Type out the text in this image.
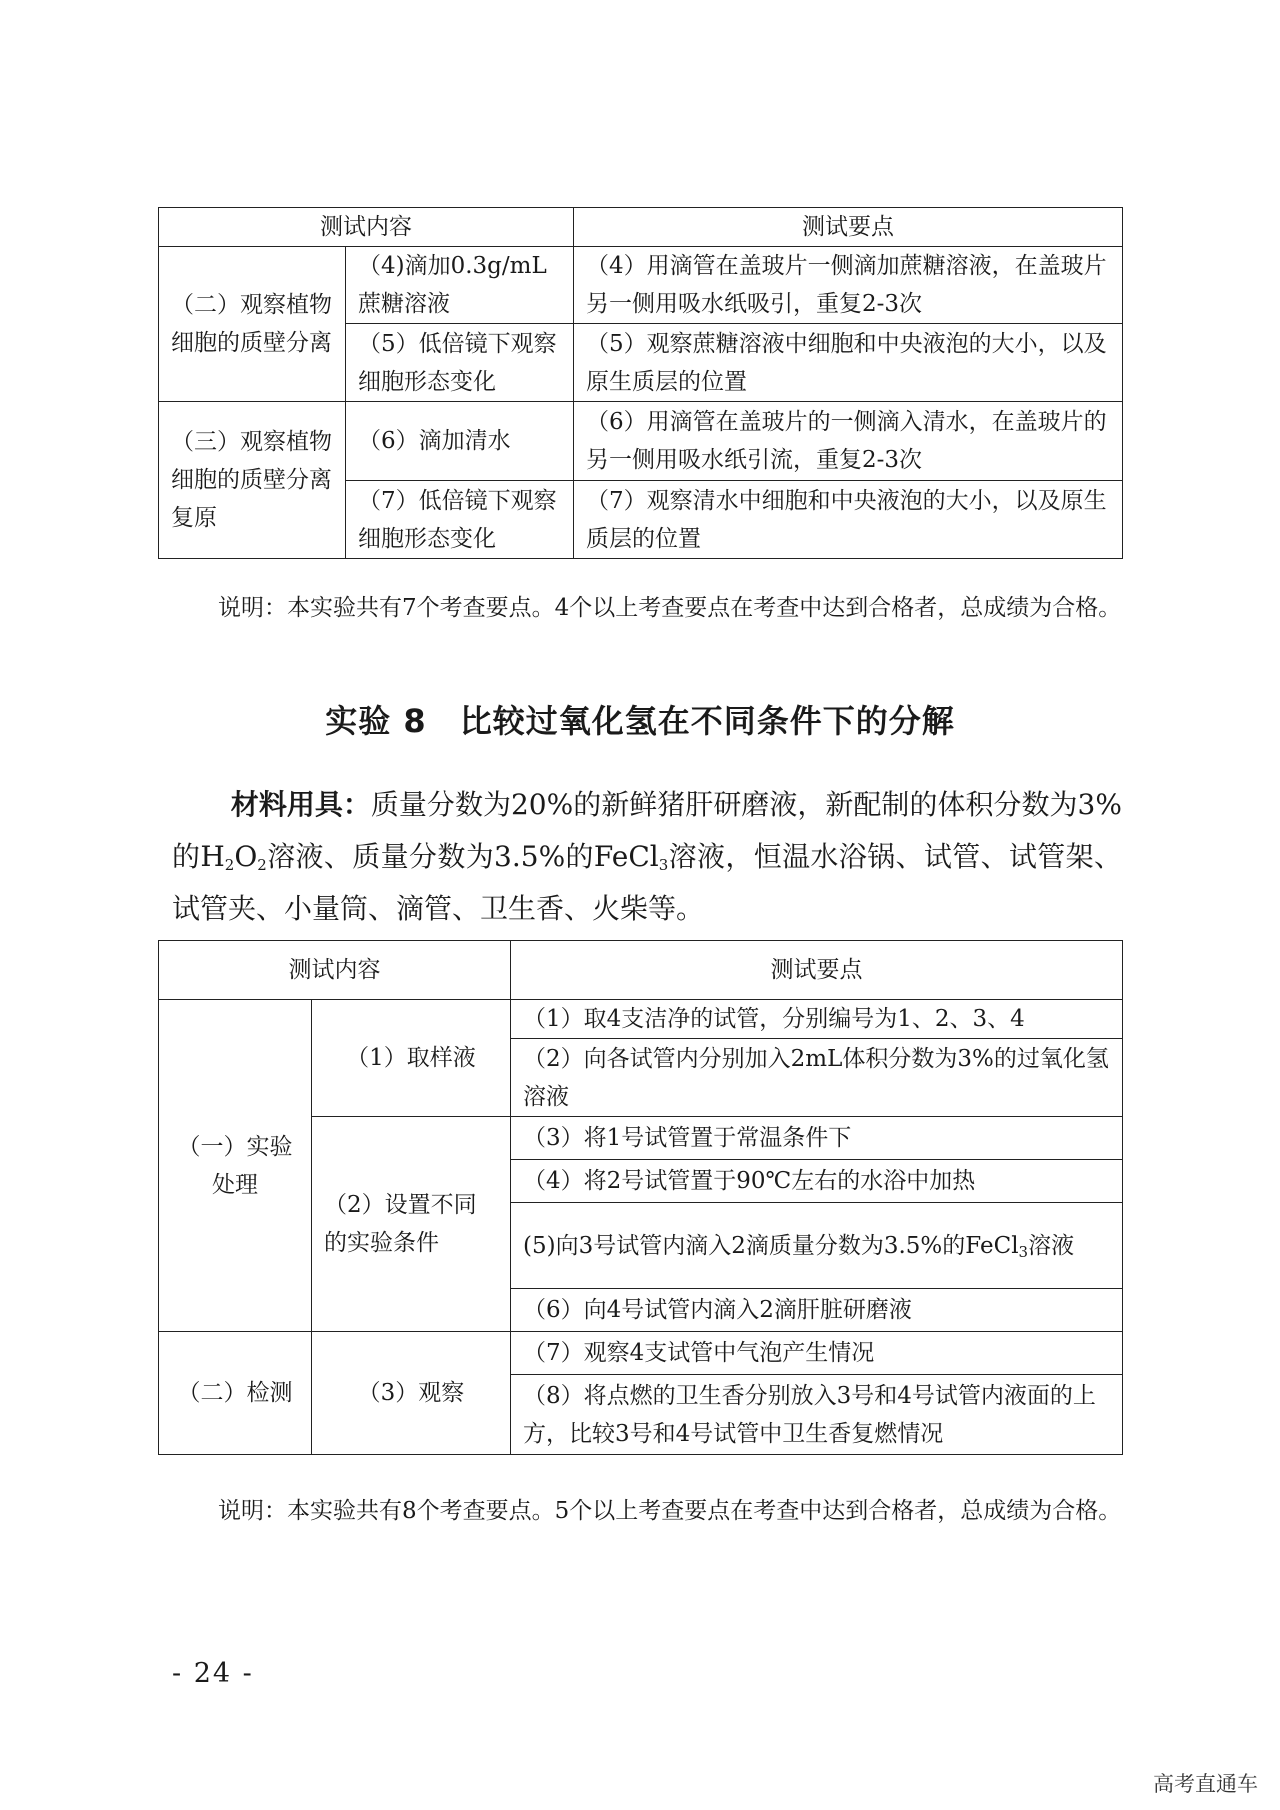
测试内容		测试要点
（二）观察植物细胞的质壁分离	（4)滴加0.3g/mL蔗糖溶液	（4）用滴管在盖玻片一侧滴加蔗糖溶液，在盖玻片另一侧用吸水纸吸引，重复2-3次
	（5）低倍镜下观察细胞形态变化	（5）观察蔗糖溶液中细胞和中央液泡的大小，以及原生质层的位置
（三）观察植物细胞的质壁分离复原	（6）滴加清水	（6）用滴管在盖玻片的一侧滴入清水，在盖玻片的另一侧用吸水纸引流，重复2-3次
	（7）低倍镜下观察细胞形态变化	（7）观察清水中细胞和中央液泡的大小，以及原生质层的位置
说明：本实验共有7个考查要点。4个以上考查要点在考查中达到合格者，总成绩为合格。
实验 8　比较过氧化氢在不同条件下的分解
材料用具：质量分数为20%的新鲜猪肝研磨液，新配制的体积分数为3%的$H_2O_2$溶液、质量分数为3.5%的FeCl$_3$溶液，恒温水浴锅、试管、试管架、试管夹、小量筒、滴管、卫生香、火柴等。
测试内容		测试要点
（一）实验处理	（1）取样液	（1）取4支洁净的试管，分别编号为1、2、3、4
		（2）向各试管内分别加入2mL体积分数为3%的过氧化氢溶液
	（2）设置不同的实验条件	（3）将1号试管置于常温条件下
		（4）将2号试管置于90℃左右的水浴中加热
		(5)向3号试管内滴入2滴质量分数为3.5%的FeCl$_3$溶液
		（6）向4号试管内滴入2滴肝脏研磨液
（二）检测	（3）观察	（7）观察4支试管中气泡产生情况
		（8）将点燃的卫生香分别放入3号和4号试管内液面的上方，比较3号和4号试管中卫生香复燃情况
说明：本实验共有8个考查要点。5个以上考查要点在考查中达到合格者，总成绩为合格。
- 24 -
高考直通车
